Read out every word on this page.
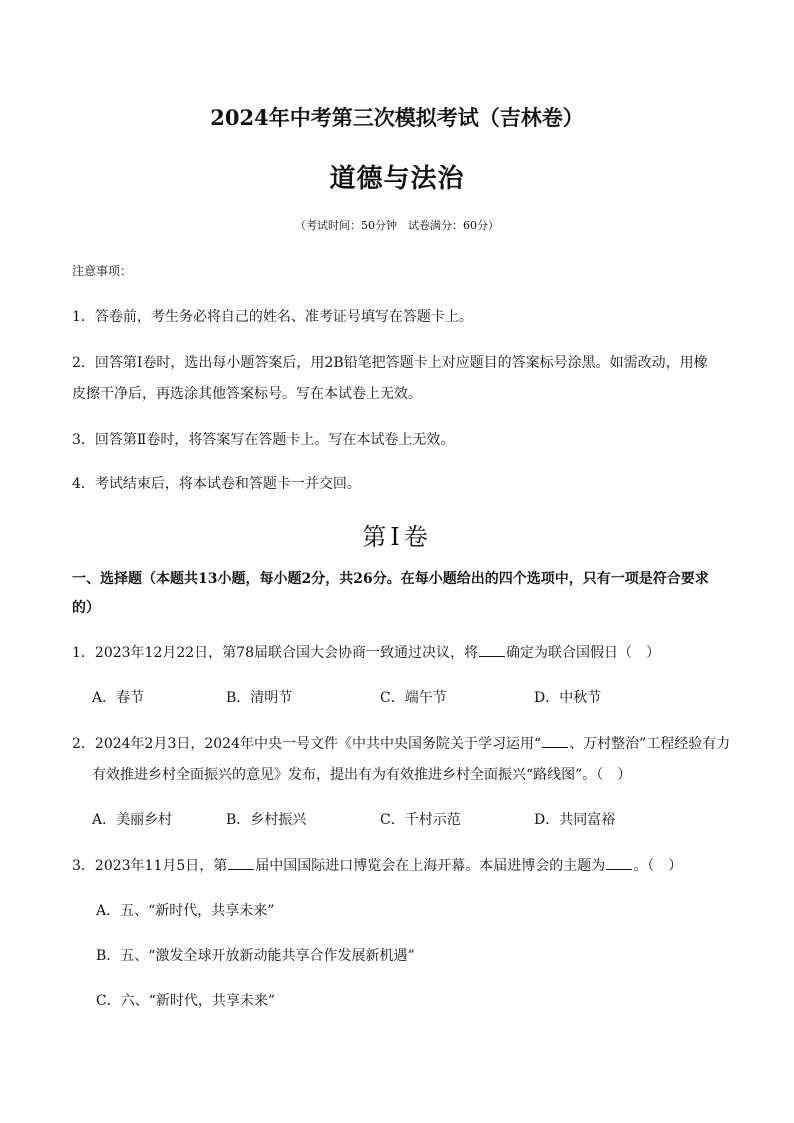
2024年中考第三次模拟考试（吉林卷）
道德与法治
（考试时间：50分钟　试卷满分：60分）
注意事项：
1．答卷前，考生务必将自己的姓名、准考证号填写在答题卡上。
2．回答第Ⅰ卷时，选出每小题答案后，用2B铅笔把答题卡上对应题目的答案标号涂黑。如需改动，用橡
皮擦干净后，再选涂其他答案标号。写在本试卷上无效。
3．回答第Ⅱ卷时，将答案写在答题卡上。写在本试卷上无效。
4．考试结束后，将本试卷和答题卡一并交回。
第Ⅰ卷
一、选择题（本题共13小题，每小题2分，共26分。在每小题给出的四个选项中，只有一项是符合要求
的）
1．2023年12月22日，第78届联合国大会协商一致通过决议，将 确定为联合国假日（　）
A．春节	B．清明节	C．端午节	D．中秋节
2．2024年2月3日，2024年中央一号文件《中共中央国务院关于学习运用“ 、万村整治”工程经验有力
有效推进乡村全面振兴的意见》发布，提出有为有效推进乡村全面振兴“路线图”。（　）
A．美丽乡村	B．乡村振兴	C．千村示范	D．共同富裕
3．2023年11月5日，第 届中国国际进口博览会在上海开幕。本届进博会的主题为 。（　）
A．五、“新时代，共享未来”
B．五、“激发全球开放新动能共享合作发展新机遇”
C．六、“新时代，共享未来”
